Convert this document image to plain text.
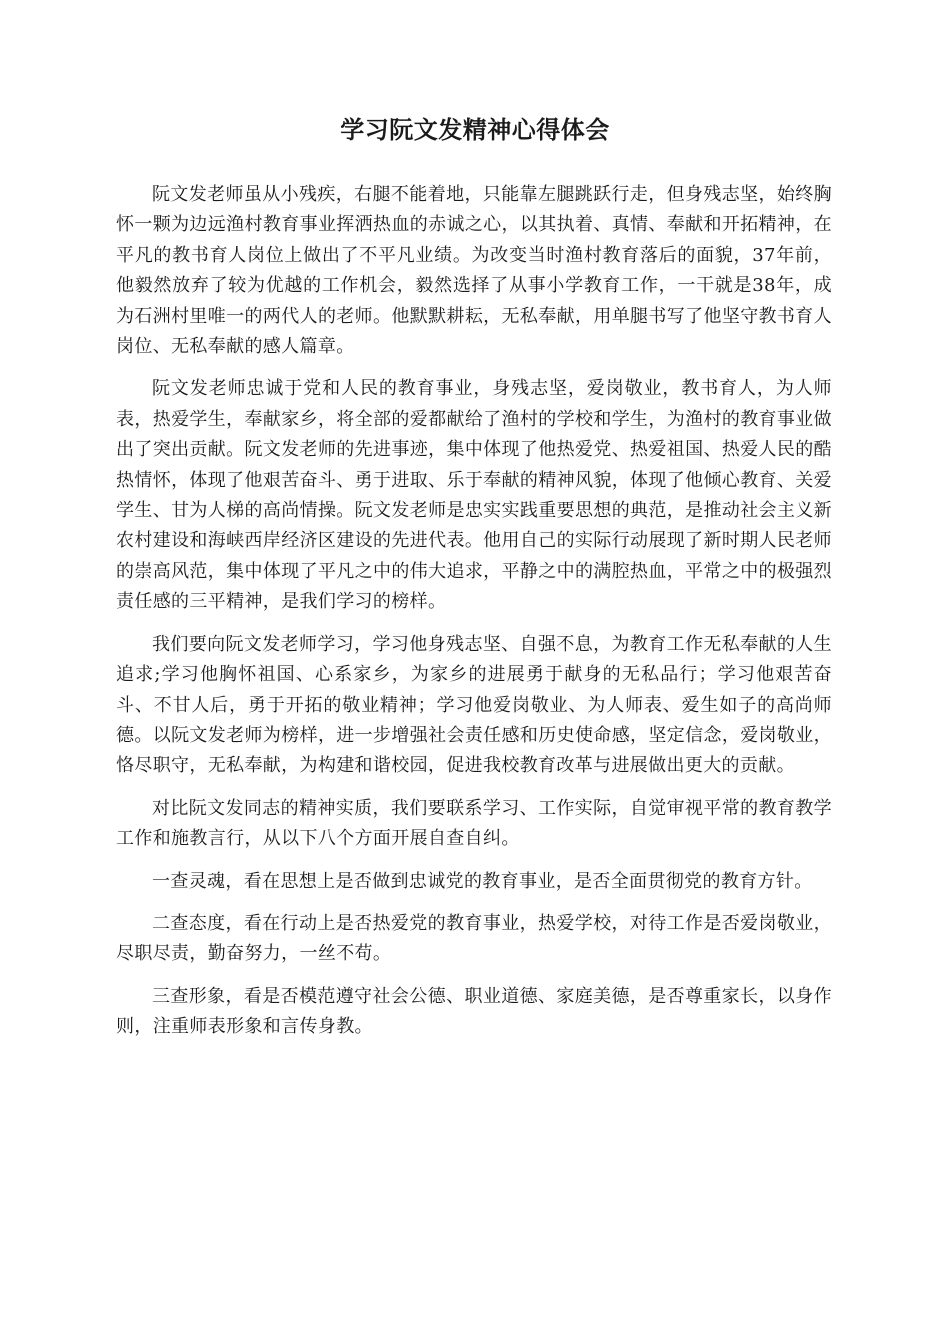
学习阮文发精神心得体会

阮文发老师虽从小残疾，右腿不能着地，只能靠左腿跳跃行走，但身残志坚，始终胸怀一颗为边远渔村教育事业挥洒热血的赤诚之心，以其执着、真情、奉献和开拓精神，在平凡的教书育人岗位上做出了不平凡业绩。为改变当时渔村教育落后的面貌，37年前，他毅然放弃了较为优越的工作机会，毅然选择了从事小学教育工作，一干就是38年，成为石洲村里唯一的两代人的老师。他默默耕耘，无私奉献，用单腿书写了他坚守教书育人岗位、无私奉献的感人篇章。

阮文发老师忠诚于党和人民的教育事业，身残志坚，爱岗敬业，教书育人，为人师表，热爱学生，奉献家乡，将全部的爱都献给了渔村的学校和学生，为渔村的教育事业做出了突出贡献。阮文发老师的先进事迹，集中体现了他热爱党、热爱祖国、热爱人民的酷热情怀，体现了他艰苦奋斗、勇于进取、乐于奉献的精神风貌，体现了他倾心教育、关爱学生、甘为人梯的高尚情操。阮文发老师是忠实实践重要思想的典范，是推动社会主义新农村建设和海峡西岸经济区建设的先进代表。他用自己的实际行动展现了新时期人民老师的崇高风范，集中体现了平凡之中的伟大追求，平静之中的满腔热血，平常之中的极强烈责任感的三平精神，是我们学习的榜样。

我们要向阮文发老师学习，学习他身残志坚、自强不息，为教育工作无私奉献的人生追求;学习他胸怀祖国、心系家乡，为家乡的进展勇于献身的无私品行；学习他艰苦奋斗、不甘人后，勇于开拓的敬业精神；学习他爱岗敬业、为人师表、爱生如子的高尚师德。以阮文发老师为榜样，进一步增强社会责任感和历史使命感，坚定信念，爱岗敬业，恪尽职守，无私奉献，为构建和谐校园，促进我校教育改革与进展做出更大的贡献。

对比阮文发同志的精神实质，我们要联系学习、工作实际，自觉审视平常的教育教学工作和施教言行，从以下八个方面开展自查自纠。

一查灵魂，看在思想上是否做到忠诚党的教育事业，是否全面贯彻党的教育方针。

二查态度，看在行动上是否热爱党的教育事业，热爱学校，对待工作是否爱岗敬业，尽职尽责，勤奋努力，一丝不苟。

三查形象，看是否模范遵守社会公德、职业道德、家庭美德，是否尊重家长，以身作则，注重师表形象和言传身教。
